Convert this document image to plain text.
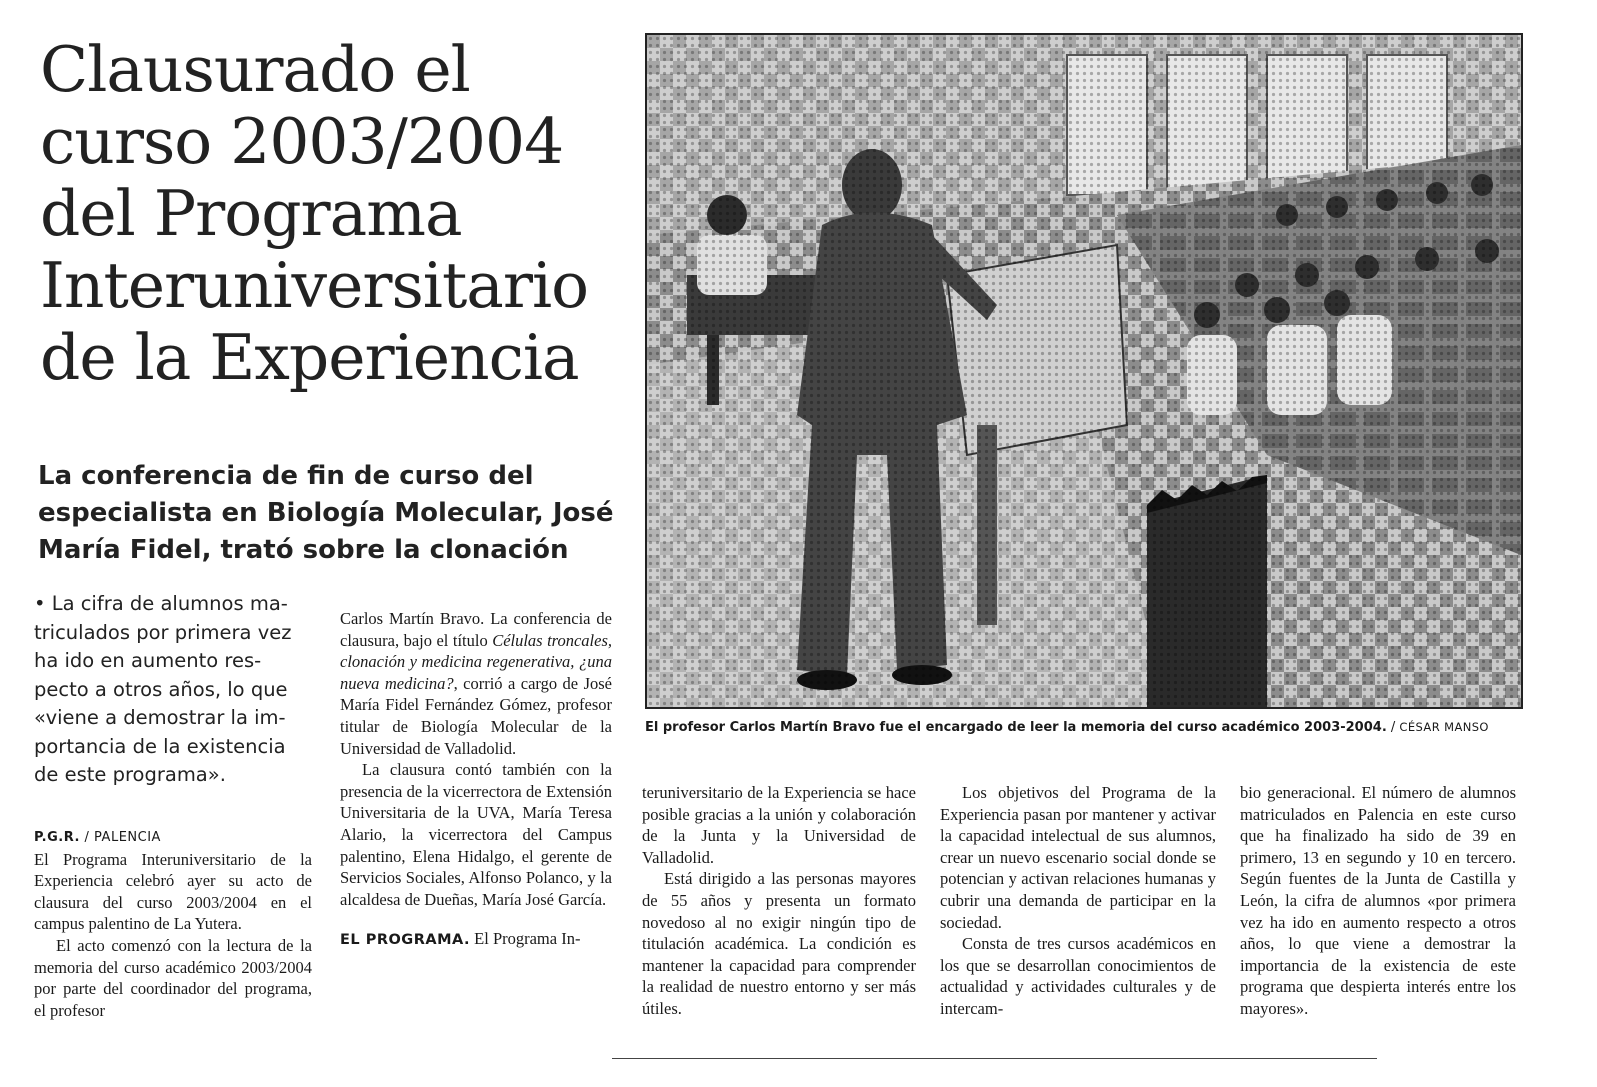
Clausurado el
curso 2003/2004
del Programa
Interuniversitario
de la Experiencia
La conferencia de fin de curso del
especialista en Biología Molecular, José
María Fidel, trató sobre la clonación
• La cifra de alumnos ma-
triculados por primera vez
ha ido en aumento res-
pecto a otros años, lo que
«viene a demostrar la im-
portancia de la existencia
de este programa».

P.G.R. / PALENCIA

El Programa Interuniversitario de la Experiencia celebró ayer su acto de clausura del curso 2003/2004 en el campus palentino de La Yutera.

El acto comenzó con la lectura de la memoria del curso académico 2003/2004 por parte del coordinador del programa, el profesor

Carlos Martín Bravo. La conferencia de clausura, bajo el título Células troncales, clonación y medicina regenerativa, ¿una nueva medicina?, corrió a cargo de José María Fidel Fernández Gómez, profesor titular de Biología Molecular de la Universidad de Valladolid.

La clausura contó también con la presencia de la vicerrectora de Extensión Universitaria de la UVA, María Teresa Alario, la vicerrectora del Campus palentino, Elena Hidalgo, el gerente de Servicios Sociales, Alfonso Polanco, y la alcaldesa de Dueñas, María José García.

EL PROGRAMA. El Programa In-

teruniversitario de la Experiencia se hace posible gracias a la unión y colaboración de la Junta y la Universidad de Valladolid.

Está dirigido a las personas mayores de 55 años y presenta un formato novedoso al no exigir ningún tipo de titulación académica. La condición es mantener la capacidad para comprender la realidad de nuestro entorno y ser más útiles.

Los objetivos del Programa de la Experiencia pasan por mantener y activar la capacidad intelectual de sus alumnos, crear un nuevo escenario social donde se potencian y activan relaciones humanas y cubrir una demanda de participar en la sociedad.

Consta de tres cursos académicos en los que se desarrollan conocimientos de actualidad y actividades culturales y de intercam-

bio generacional. El número de alumnos matriculados en Palencia en este curso que ha finalizado ha sido de 39 en primero, 13 en segundo y 10 en tercero. Según fuentes de la Junta de Castilla y León, la cifra de alumnos «por primera vez ha ido en aumento respecto a otros años, lo que viene a demostrar la importancia de la existencia de este programa que despierta interés entre los mayores».

El profesor Carlos Martín Bravo fue el encargado de leer la memoria del curso académico 2003-2004. / CÉSAR MANSO
